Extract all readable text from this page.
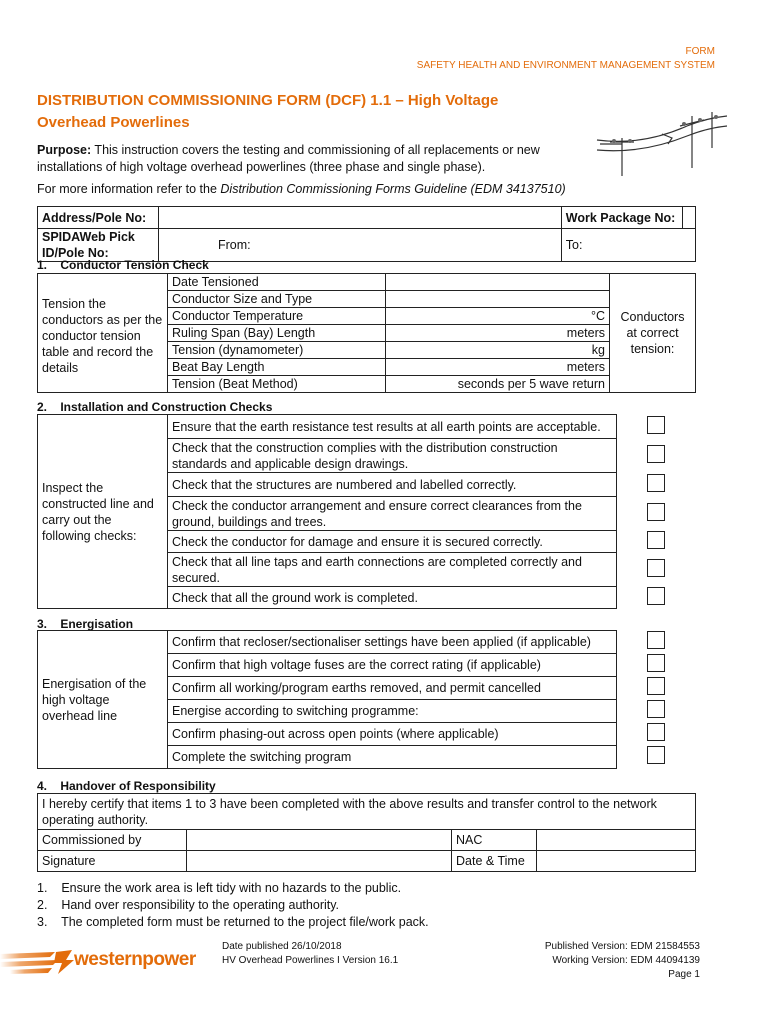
FORM
SAFETY HEALTH AND ENVIRONMENT MANAGEMENT SYSTEM
DISTRIBUTION COMMISSIONING FORM (DCF) 1.1 – High Voltage
Overhead Powerlines
Purpose: This instruction covers the testing and commissioning of all replacements or new installations of high voltage overhead powerlines (three phase and single phase).
For more information refer to the Distribution Commissioning Forms Guideline (EDM 34137510)
Address/Pole No:		Work Package No:	
SPIDAWeb Pick ID/Pole No:	From:	To:	
1.    Conductor Tension Check
Tension the conductors as per the conductor tension table and record the details	Date Tensioned		Conductors at correct tension:
	Conductor Size and Type		
	Conductor Temperature	°C	
	Ruling Span (Bay) Length	meters	
	Tension (dynamometer)	kg	
	Beat Bay Length	meters	
	Tension (Beat Method)	seconds per 5 wave return	
2.    Installation and Construction Checks
Inspect the constructed line and carry out the following checks:	Ensure that the earth resistance test results at all earth points are acceptable.	
	Check that the construction complies with the distribution construction standards and applicable design drawings.	
	Check that the structures are numbered and labelled correctly.	
	Check the conductor arrangement and ensure correct clearances from the ground, buildings and trees.	
	Check the conductor for damage and ensure it is secured correctly.	
	Check that all line taps and earth connections are completed correctly and secured.	
	Check that all the ground work is completed.	
3.    Energisation
Energisation of the high voltage overhead line	Confirm that recloser/sectionaliser settings have been applied (if applicable)	
	Confirm that high voltage fuses are the correct rating (if applicable)	
	Confirm all working/program earths removed, and permit cancelled	
	Energise according to switching programme:	
	Confirm phasing-out across open points (where applicable)	
	Complete the switching program	
4.    Handover of Responsibility
I hereby certify that items 1 to 3 have been completed with the above results and transfer control to the network operating authority.			
Commissioned by		NAC	
Signature		Date & Time	
1.    Ensure the work area is left tidy with no hazards to the public.
2.    Hand over responsibility to the operating authority.
3.    The completed form must be returned to the project file/work pack.
westernpower
Date published 26/10/2018
HV Overhead Powerlines I Version 16.1
Published Version: EDM 21584553
Working Version: EDM 44094139
Page 1
